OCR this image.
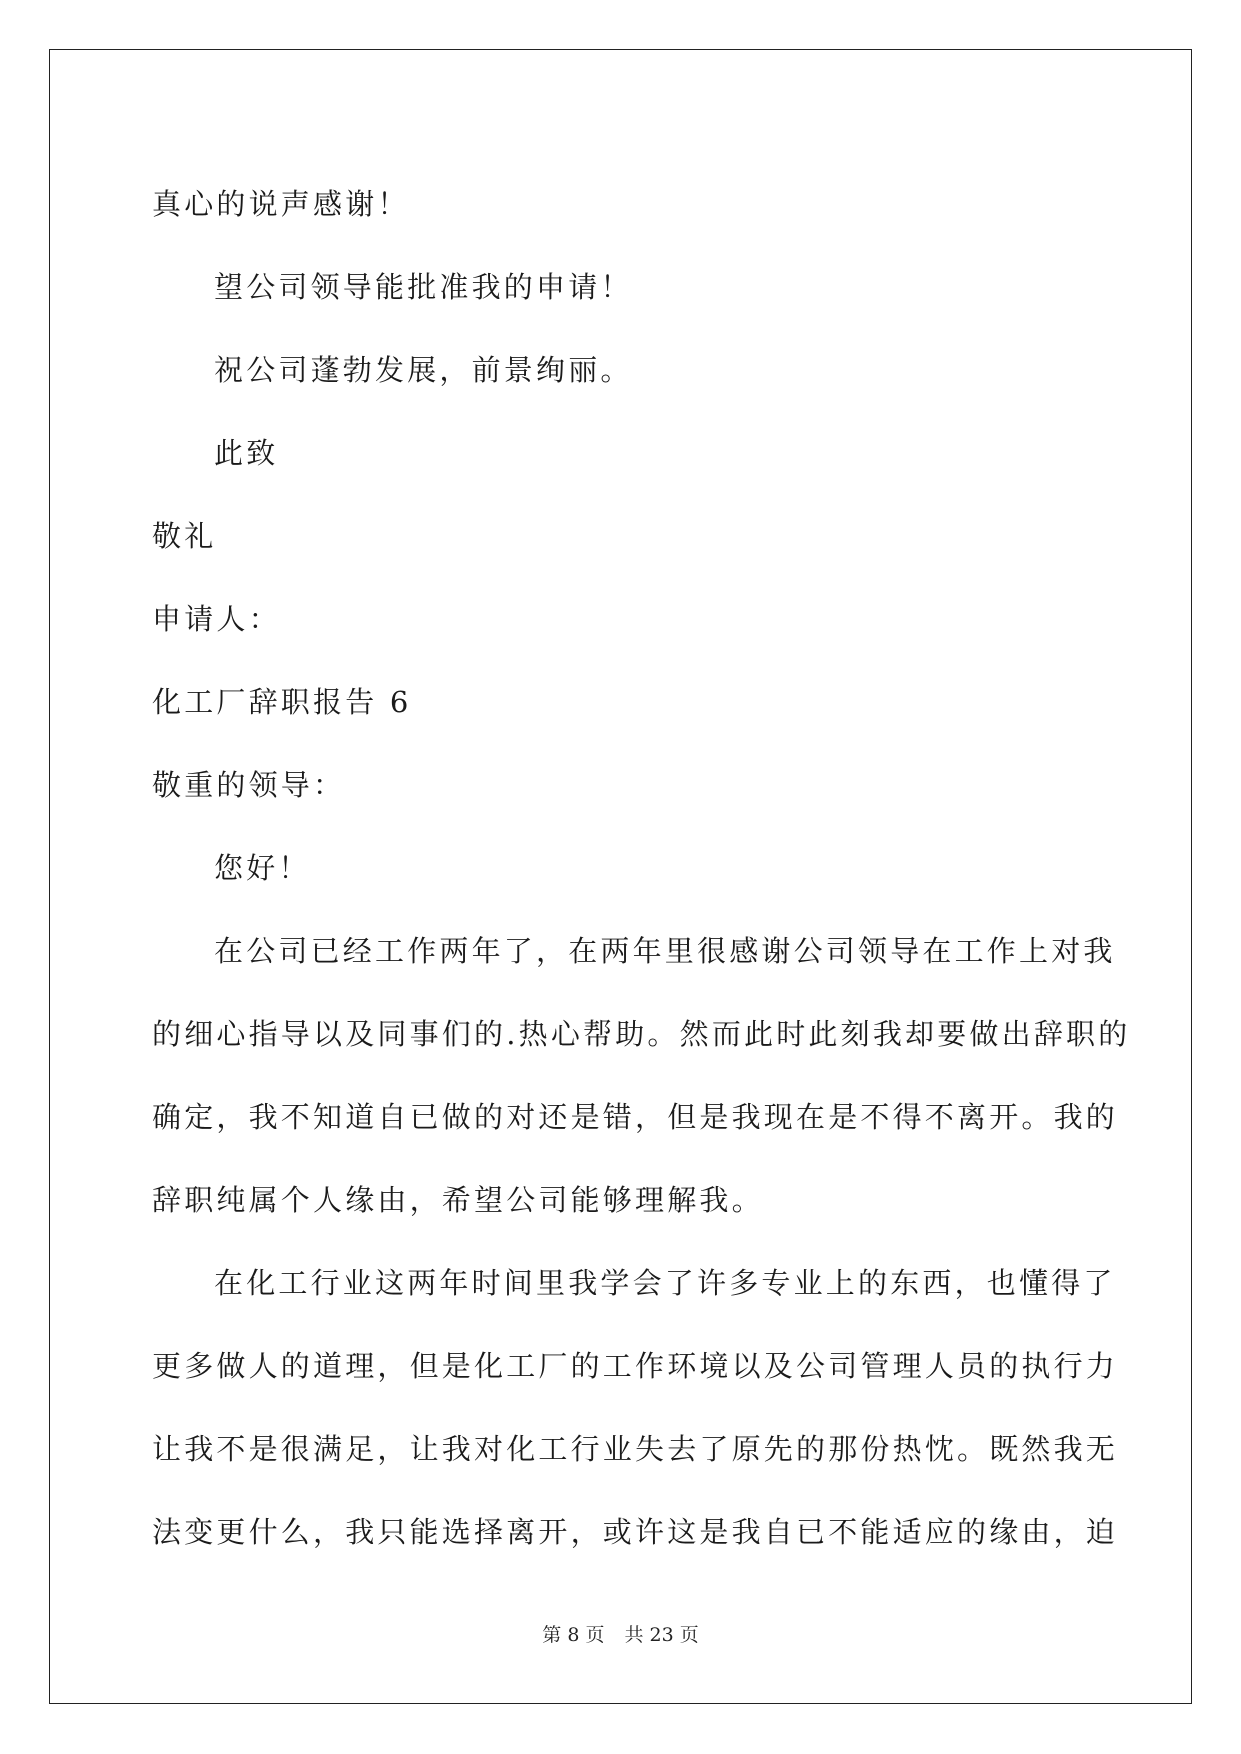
真心的说声感谢！
望公司领导能批准我的申请！
祝公司蓬勃发展，前景绚丽。
此致
敬礼
申请人：
化工厂辞职报告 6
敬重的领导：
您好！
在公司已经工作两年了，在两年里很感谢公司领导在工作上对我
的细心指导以及同事们的.热心帮助。然而此时此刻我却要做出辞职的
确定，我不知道自已做的对还是错，但是我现在是不得不离开。我的
辞职纯属个人缘由，希望公司能够理解我。
在化工行业这两年时间里我学会了许多专业上的东西，也懂得了
更多做人的道理，但是化工厂的工作环境以及公司管理人员的执行力
让我不是很满足，让我对化工行业失去了原先的那份热忱。既然我无
法变更什么，我只能选择离开，或许这是我自已不能适应的缘由，迫
第 8 页 共 23 页
